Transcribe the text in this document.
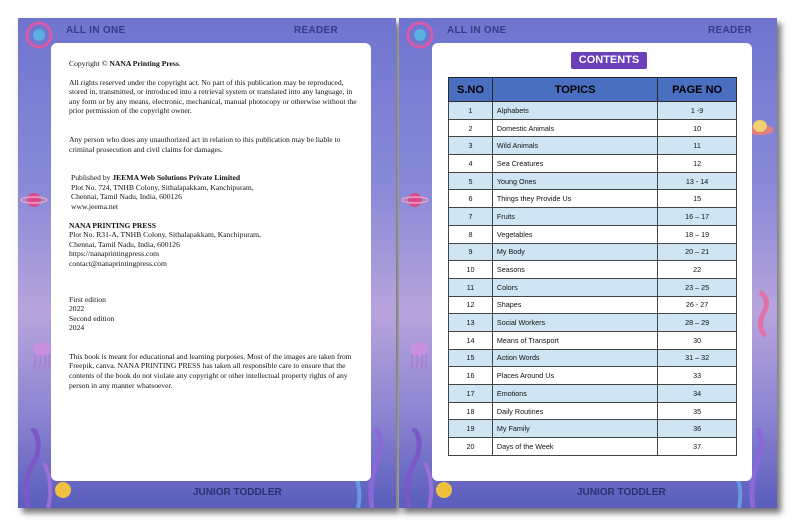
ALL IN ONE	READER

Copyright © NANA Printing Press.

All rights reserved under the copyright act. No part of this publication may be reproduced, stored in, transmitted, or introduced into a retrieval system or translated into any language, in any form or by any means, electronic, mechanical, manual photocopy or otherwise without the prior permission of the copyright owner.

Any person who does any unauthorized act in relation to this publication may be liable to criminal prosecution and civil claims for damages.

Published by JEEMA Web Solutions Private Limited

Plot No. 724, TNHB Colony, Sithalapakkam, Kanchipuram,

Chennai, Tamil Nadu, India, 600126

www.jeema.net

NANA PRINTING PRESS

Plot No. R31-A, TNHB Colony, Sithalapakkam, Kanchipuram,

Chennai, Tamil Nadu, India, 600126

https://nanaprintingpress.com

contact@nanaprintingpress.com

First edition

2022

Second edition

2024

This book is meant for educational and learning purposes. Most of the images are taken from Freepik, canva. NANA PRINTING PRESS has taken all responsible care to ensure that the contents of the book do not violate any copyright or other intellectual property rights of any person in any manner whatsoever.

JUNIOR TODDLER
ALL IN ONE	READER
CONTENTS
S.NO	TOPICS	PAGE NO
1	Alphabets	1 -9
2	Domestic Animals	10
3	Wild Animals	11
4	Sea Creatures	12
5	Young Ones	13 - 14
6	Things they Provide Us	15
7	Fruits	16 – 17
8	Vegetables	18 – 19
9	My Body	20 – 21
10	Seasons	22
11	Colors	23 – 25
12	Shapes	26 - 27
13	Social Workers	28 – 29
14	Means of Transport	30
15	Action Words	31 – 32
16	Places Around Us	33
17	Emotions	34
18	Daily Routines	35
19	My Family	36
20	Days of the Week	37
JUNIOR TODDLER
